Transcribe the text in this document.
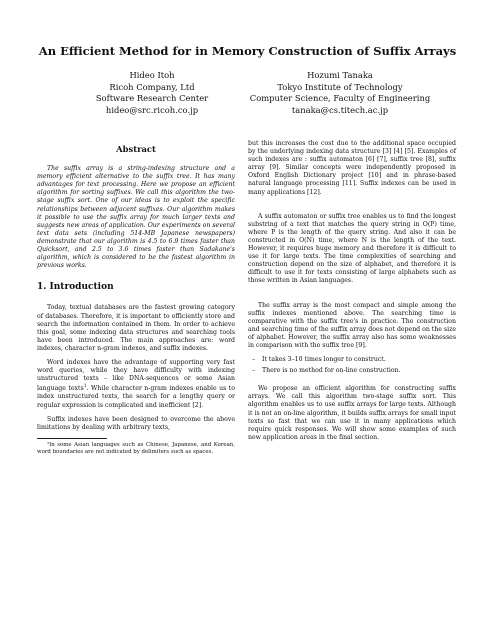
An Efficient Method for in Memory Construction of Suffix Arrays
Hideo Itoh
Ricoh Company, Ltd
Software Research Center
hideo@src.ricoh.co.jp
Hozumi Tanaka
Tokyo Institute of Technology
Computer Science, Faculty of Engineering
tanaka@cs.titech.ac.jp
Abstract

The suffix array is a string-indexing structure and a memory efficient alternative to the suffix tree. It has many advantages for text processing. Here we propose an efficient algorithm for sorting suffixes. We call this algorithm the two-stage suffix sort. One of our ideas is to exploit the specific relationships between adjacent suffixes. Our algorithm makes it possible to use the suffix array for much larger texts and suggests new areas of application. Our experiments on several text data sets (including 514-MB Japanese newspapers) demonstrate that our algorithm is 4.5 to 6.9 times faster than Quicksort, and 2.5 to 3.6 times faster than Sadakane's algorithm, which is considered to be the fastest algorithm in previous works.

1. Introduction

Today, textual databases are the fastest growing category of databases. Therefore, it is important to efficiently store and search the information contained in them. In order to achieve this goal, some indexing data structures and searching tools have been introduced. The main approaches are: word indexes, character n-gram indexes, and suffix indexes.

Word indexes have the advantage of supporting very fast word queries, while they have difficulty with indexing unstructured texts – like DNA-sequences or some Asian language texts$^1$. While character n-gram indexes enable us to index unstructured texts, the search for a lengthy query or regular expression is complicated and inefficient [2].

Suffix indexes have been designed to overcome the above limitations by dealing with arbitrary texts,

¹In some Asian languages such as Chinese, Japanese, and Korean, word boundaries are not indicated by delimiters such as spaces.

but this increases the cost due to the additional space occupied by the underlying indexing data structure [3] [4] [5]. Examples of such indexes are : suffix automaton [6] [7], suffix tree [8], suffix array [9]. Similar concepts were independently proposed in Oxford English Dictionary project [10] and in phrase-based natural language processing [11]. Suffix indexes can be used in many applications [12].

A suffix automaton or suffix tree enables us to find the longest substring of a text that matches the query string in O(P) time, where P is the length of the query string. And also it can be constructed in O(N) time, where N is the length of the text. However, it requires huge memory and therefore it is difficult to use it for large texts. The time complexities of searching and construction depend on the size of alphabet, and therefore it is difficult to use it for texts consisting of large alphabets such as those written in Asian languages.

The suffix array is the most compact and simple among the suffix indexes mentioned above. The searching time is comparative with the suffix tree's in practice. The construction and searching time of the suffix array does not depend on the size of alphabet. However, the suffix array also has some weaknesses in comparison with the suffix tree [9].

– It takes 3–10 times longer to construct.
– There is no method for on-line construction.

We propose an efficient algorithm for constructing suffix arrays. We call this algorithm two-stage suffix sort. This algorithm enables us to use suffix arrays for large texts. Although it is not an on-line algorithm, it builds suffix arrays for small input texts so fast that we can use it in many applications which require quick responses. We will show some examples of such new application areas in the final section.
